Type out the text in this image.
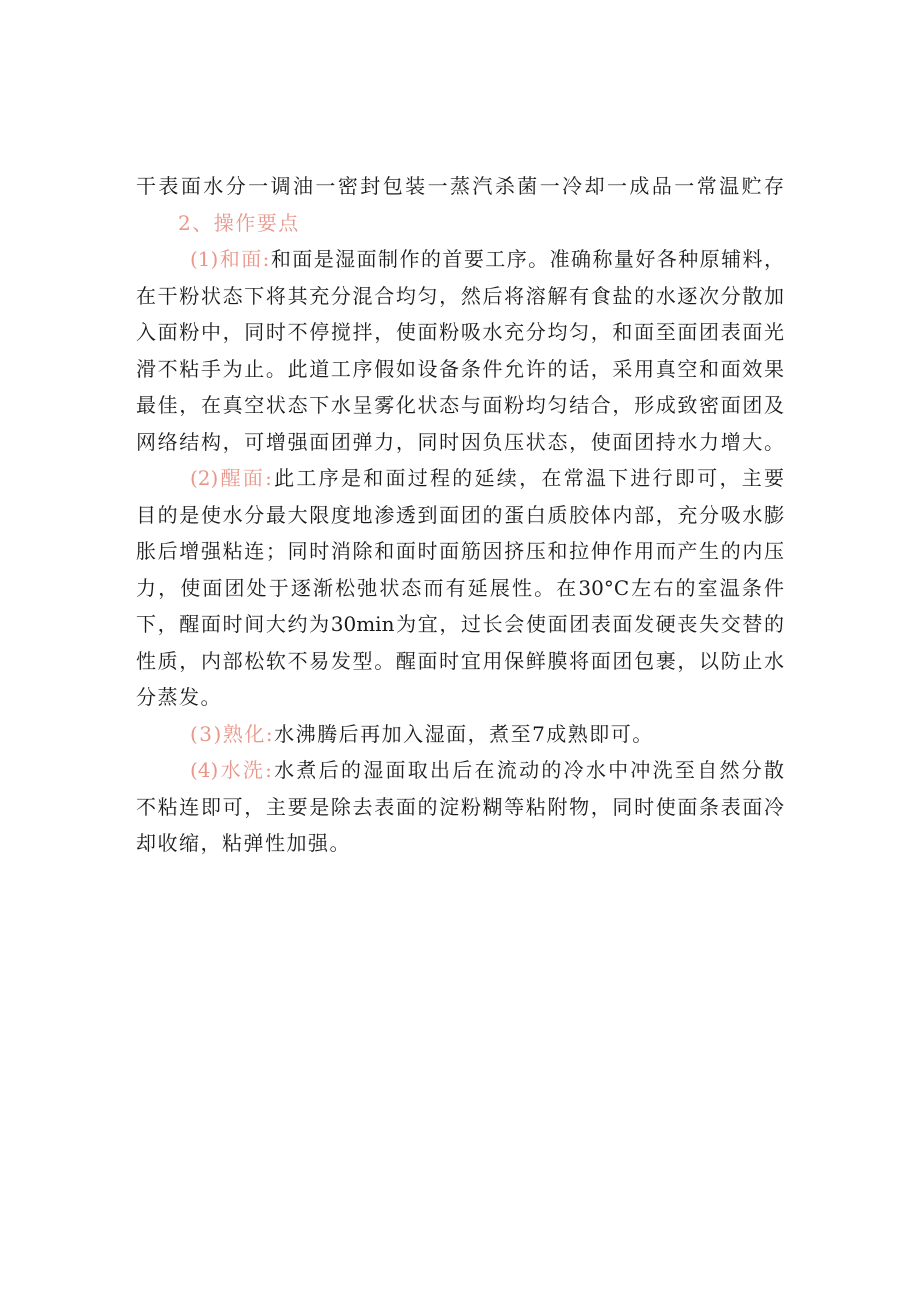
干表面水分一调油一密封包装一蒸汽杀菌一冷却一成品一常温贮存

2、操作要点

(1)和面:和面是湿面制作的首要工序。准确称量好各种原辅料，

在干粉状态下将其充分混合均匀，然后将溶解有食盐的水逐次分散加

入面粉中，同时不停搅拌，使面粉吸水充分均匀，和面至面团表面光

滑不粘手为止。此道工序假如设备条件允许的话，采用真空和面效果

最佳，在真空状态下水呈雾化状态与面粉均匀结合，形成致密面团及

网络结构，可增强面团弹力，同时因负压状态，使面团持水力增大。

(2)醒面:此工序是和面过程的延续，在常温下进行即可，主要

目的是使水分最大限度地渗透到面团的蛋白质胶体内部，充分吸水膨

胀后增强粘连；同时消除和面时面筋因挤压和拉伸作用而产生的内压

力，使面团处于逐渐松弛状态而有延展性。在30°C左右的室温条件

下，醒面时间大约为30min为宜，过长会使面团表面发硬丧失交替的

性质，内部松软不易发型。醒面时宜用保鲜膜将面团包裹，以防止水

分蒸发。

(3)熟化:水沸腾后再加入湿面，煮至7成熟即可。

(4)水洗:水煮后的湿面取出后在流动的冷水中冲洗至自然分散

不粘连即可，主要是除去表面的淀粉糊等粘附物，同时使面条表面冷

却收缩，粘弹性加强。
